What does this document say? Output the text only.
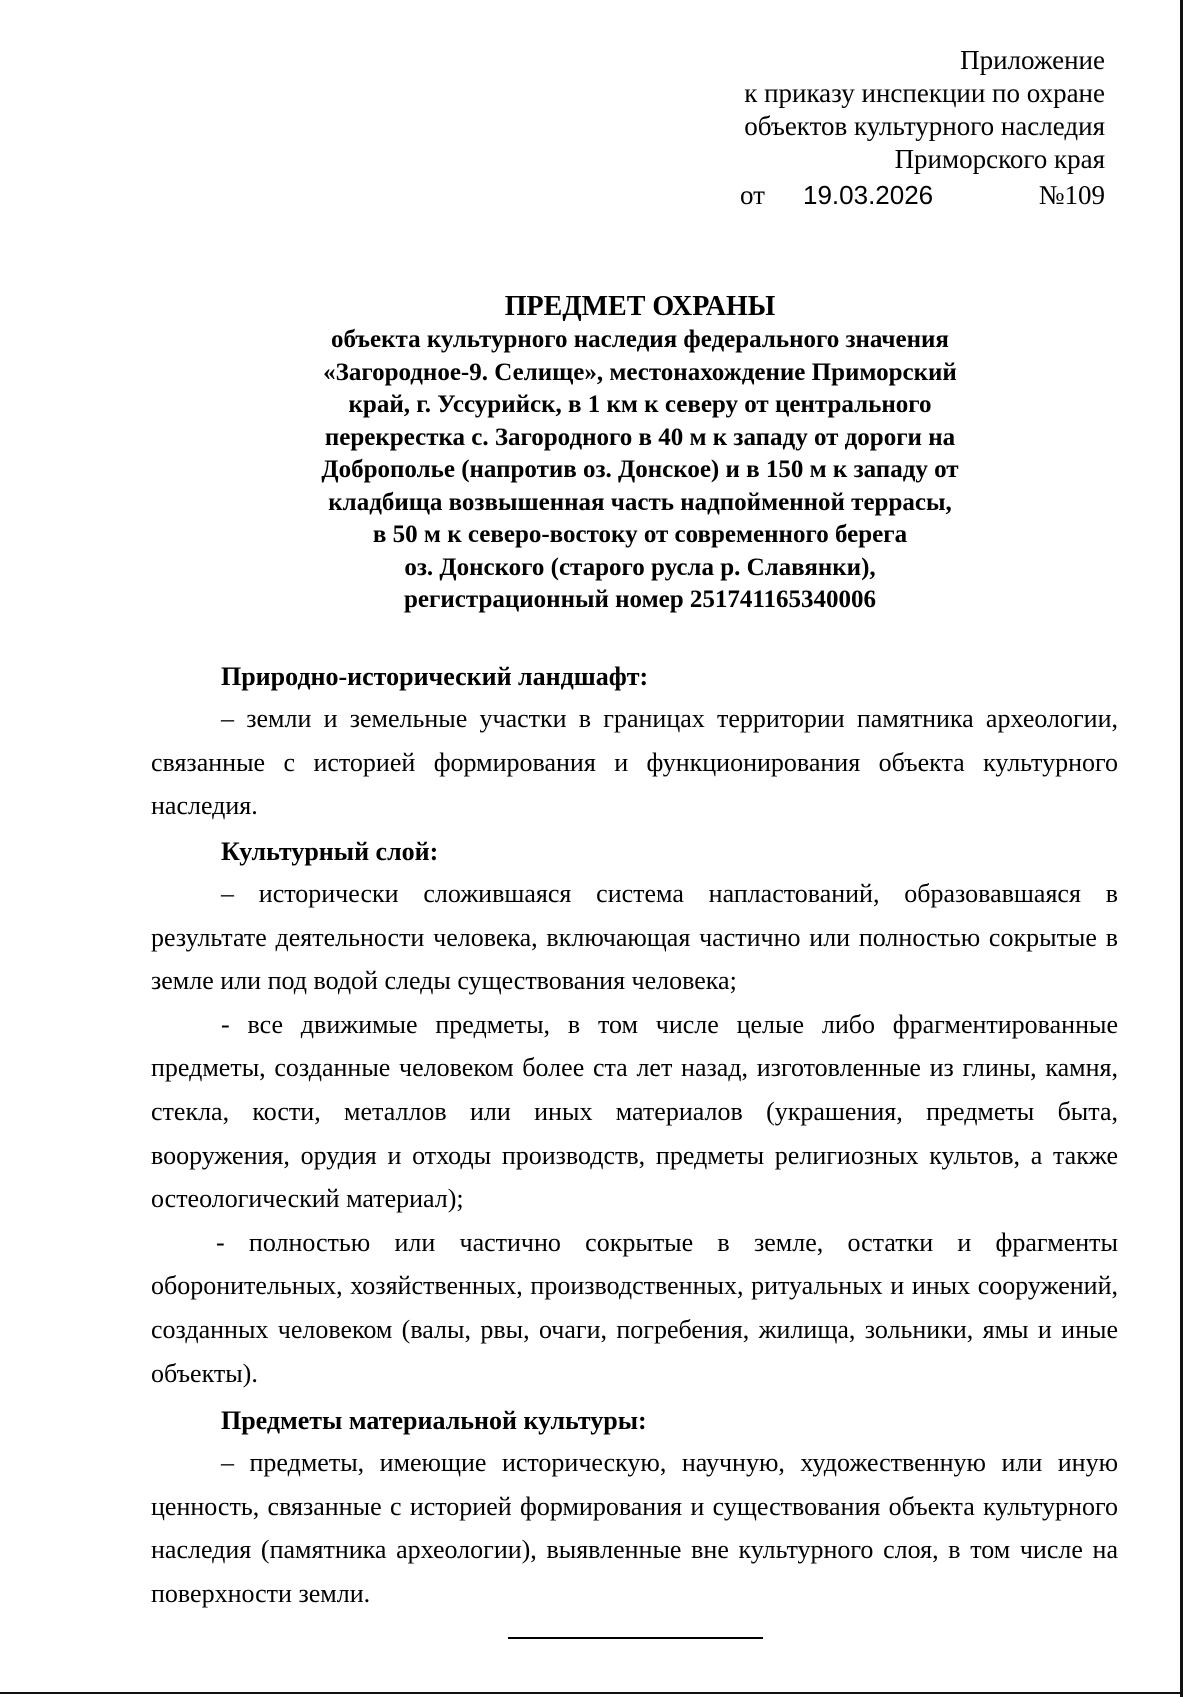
Приложение
к приказу инспекции по охране
объектов культурного наследия
Приморского края
от 19.03.2026	№109
ПРЕДМЕТ ОХРАНЫ
объекта культурного наследия федерального значения
«Загородное-9. Селище», местонахождение Приморский
край, г. Уссурийск, в 1 км к северу от центрального
перекрестка с. Загородного в 40 м к западу от дороги на
Доброполье (напротив оз. Донское) и в 150 м к западу от
кладбища возвышенная часть надпойменной террасы,
в 50 м к северо-востоку от современного берега
оз. Донского (старого русла р. Славянки),
регистрационный номер 251741165340006
Природно-исторический ландшафт:
– земли и земельные участки в границах территории памятника археологии, связанные с историей формирования и функционирования объекта культурного наследия.
Культурный слой:
– исторически сложившаяся система напластований, образовавшаяся в результате деятельности человека, включающая частично или полностью сокрытые в земле или под водой следы существования человека;
- все движимые предметы, в том числе целые либо фрагментированные предметы, созданные человеком более ста лет назад, изготовленные из глины, камня, стекла, кости, металлов или иных материалов (украшения, предметы быта, вооружения, орудия и отходы производств, предметы религиозных культов, а также остеологический материал);
- полностью или частично сокрытые в земле, остатки и фрагменты оборонительных, хозяйственных, производственных, ритуальных и иных сооружений, созданных человеком (валы, рвы, очаги, погребения, жилища, зольники, ямы и иные объекты).
Предметы материальной культуры:
– предметы, имеющие историческую, научную, художественную или иную ценность, связанные с историей формирования и существования объекта культурного наследия (памятника археологии), выявленные вне культурного слоя, в том числе на поверхности земли.
